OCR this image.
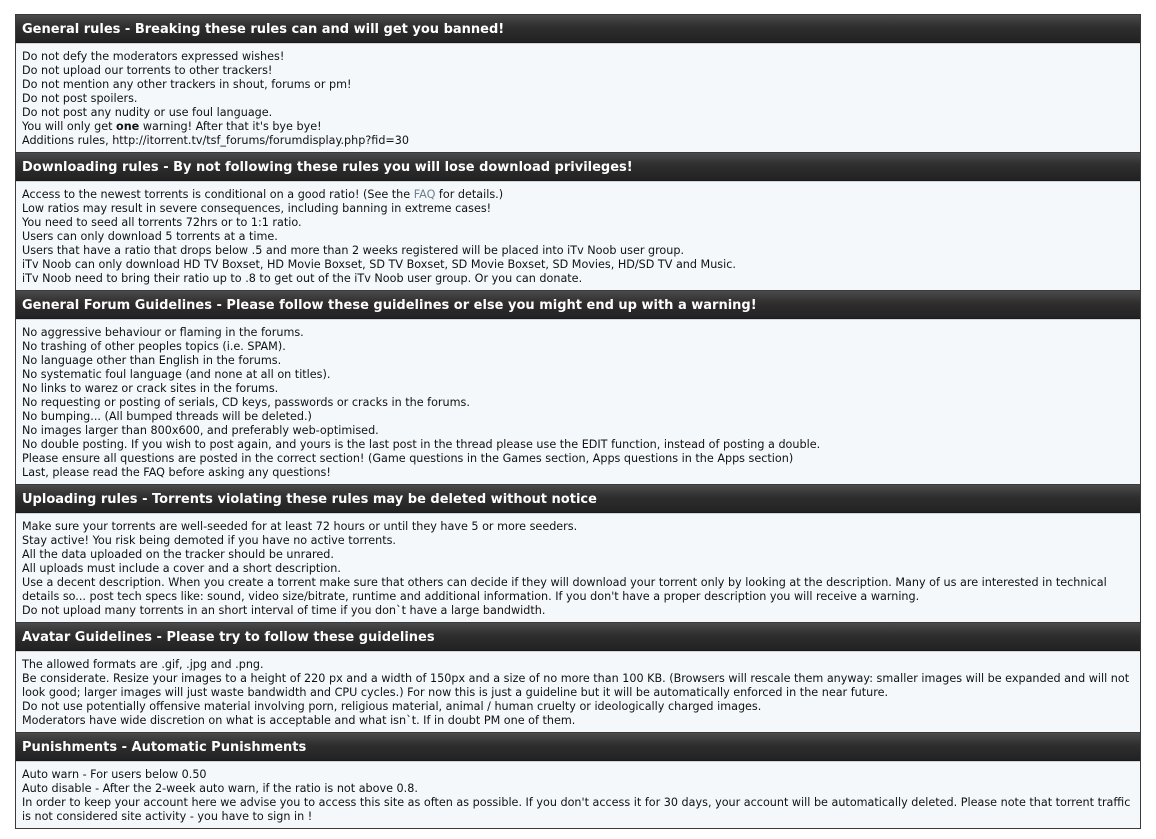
General rules - Breaking these rules can and will get you banned!
Do not defy the moderators expressed wishes!
Do not upload our torrents to other trackers!
Do not mention any other trackers in shout, forums or pm!
Do not post spoilers.
Do not post any nudity or use foul language.
You will only get one warning! After that it's bye bye!
Additions rules, http://itorrent.tv/tsf_forums/forumdisplay.php?fid=30
Downloading rules - By not following these rules you will lose download privileges!
Access to the newest torrents is conditional on a good ratio! (See the FAQ for details.)
Low ratios may result in severe consequences, including banning in extreme cases!
You need to seed all torrents 72hrs or to 1:1 ratio.
Users can only download 5 torrents at a time.
Users that have a ratio that drops below .5 and more than 2 weeks registered will be placed into iTv Noob user group.
iTv Noob can only download HD TV Boxset, HD Movie Boxset, SD TV Boxset, SD Movie Boxset, SD Movies, HD/SD TV and Music.
iTv Noob need to bring their ratio up to .8 to get out of the iTv Noob user group. Or you can donate.
General Forum Guidelines - Please follow these guidelines or else you might end up with a warning!
No aggressive behaviour or flaming in the forums.
No trashing of other peoples topics (i.e. SPAM).
No language other than English in the forums.
No systematic foul language (and none at all on titles).
No links to warez or crack sites in the forums.
No requesting or posting of serials, CD keys, passwords or cracks in the forums.
No bumping... (All bumped threads will be deleted.)
No images larger than 800x600, and preferably web-optimised.
No double posting. If you wish to post again, and yours is the last post in the thread please use the EDIT function, instead of posting a double.
Please ensure all questions are posted in the correct section! (Game questions in the Games section, Apps questions in the Apps section)
Last, please read the FAQ before asking any questions!
Uploading rules - Torrents violating these rules may be deleted without notice
Make sure your torrents are well-seeded for at least 72 hours or until they have 5 or more seeders.
Stay active! You risk being demoted if you have no active torrents.
All the data uploaded on the tracker should be unrared.
All uploads must include a cover and a short description.
Use a decent description. When you create a torrent make sure that others can decide if they will download your torrent only by looking at the description. Many of us are interested in technical details so... post tech specs like: sound, video size/bitrate, runtime and additional information. If you don't have a proper description you will receive a warning.
Do not upload many torrents in an short interval of time if you don`t have a large bandwidth.
Avatar Guidelines - Please try to follow these guidelines
The allowed formats are .gif, .jpg and .png.
Be considerate. Resize your images to a height of 220 px and a width of 150px and a size of no more than 100 KB. (Browsers will rescale them anyway: smaller images will be expanded and will not look good; larger images will just waste bandwidth and CPU cycles.) For now this is just a guideline but it will be automatically enforced in the near future.
Do not use potentially offensive material involving porn, religious material, animal / human cruelty or ideologically charged images.
Moderators have wide discretion on what is acceptable and what isn`t. If in doubt PM one of them.
Punishments - Automatic Punishments
Auto warn - For users below 0.50
Auto disable - After the 2-week auto warn, if the ratio is not above 0.8.
In order to keep your account here we advise you to access this site as often as possible. If you don't access it for 30 days, your account will be automatically deleted. Please note that torrent traffic is not considered site activity - you have to sign in !
